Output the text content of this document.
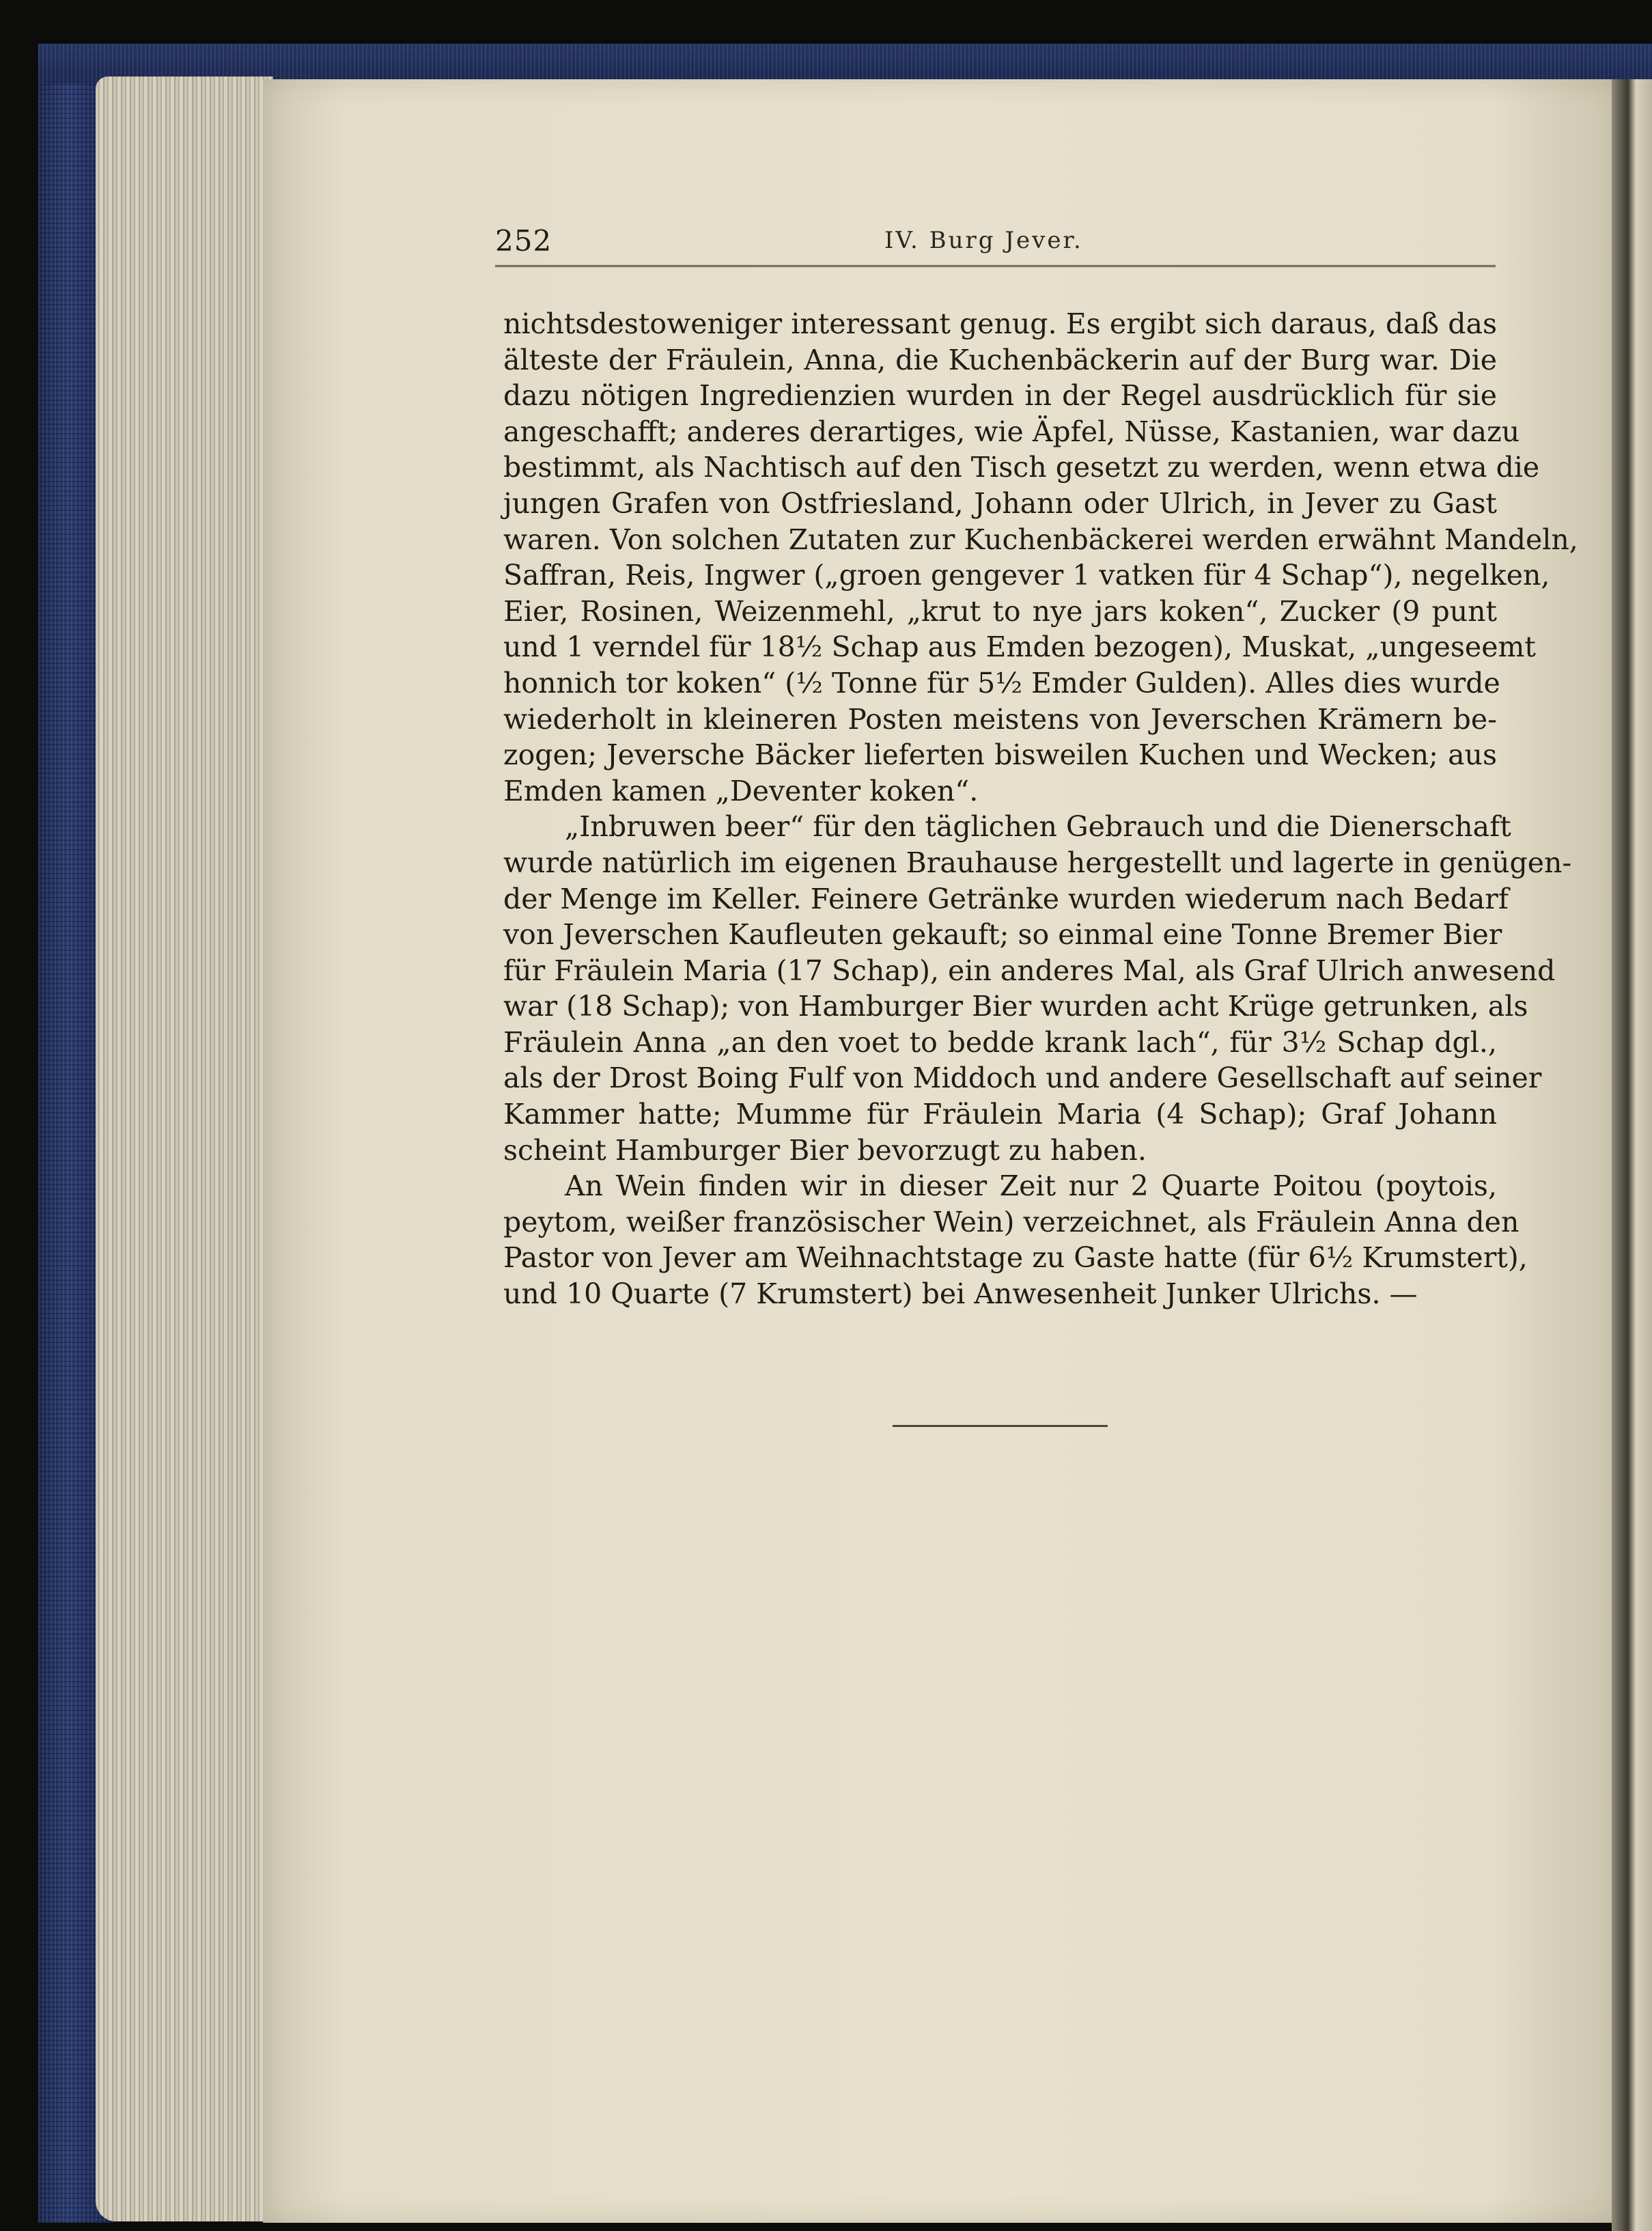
252	IV. Burg Jever.
nichtsdestoweniger interessant genug. Es ergibt sich daraus, daß das
älteste der Fräulein, Anna, die Kuchenbäckerin auf der Burg war. Die
dazu nötigen Ingredienzien wurden in der Regel ausdrücklich für sie
angeschafft; anderes derartiges, wie Äpfel, Nüsse, Kastanien, war dazu
bestimmt, als Nachtisch auf den Tisch gesetzt zu werden, wenn etwa die
jungen Grafen von Ostfriesland, Johann oder Ulrich, in Jever zu Gast
waren. Von solchen Zutaten zur Kuchenbäckerei werden erwähnt Mandeln,
Saffran, Reis, Ingwer („groen gengever 1 vatken für 4 Schap“), negelken,
Eier, Rosinen, Weizenmehl, „krut to nye jars koken“, Zucker (9 punt
und 1 verndel für 18½ Schap aus Emden bezogen), Muskat, „ungeseemt
honnich tor koken“ (½ Tonne für 5½ Emder Gulden). Alles dies wurde
wiederholt in kleineren Posten meistens von Jeverschen Krämern be-
zogen; Jeversche Bäcker lieferten bisweilen Kuchen und Wecken; aus
Emden kamen „Deventer koken“.
„Inbruwen beer“ für den täglichen Gebrauch und die Dienerschaft
wurde natürlich im eigenen Brauhause hergestellt und lagerte in genügen-
der Menge im Keller. Feinere Getränke wurden wiederum nach Bedarf
von Jeverschen Kaufleuten gekauft; so einmal eine Tonne Bremer Bier
für Fräulein Maria (17 Schap), ein anderes Mal, als Graf Ulrich anwesend
war (18 Schap); von Hamburger Bier wurden acht Krüge getrunken, als
Fräulein Anna „an den voet to bedde krank lach“, für 3½ Schap dgl.,
als der Drost Boing Fulf von Middoch und andere Gesellschaft auf seiner
Kammer hatte; Mumme für Fräulein Maria (4 Schap); Graf Johann
scheint Hamburger Bier bevorzugt zu haben.
An Wein finden wir in dieser Zeit nur 2 Quarte Poitou (poytois,
peytom, weißer französischer Wein) verzeichnet, als Fräulein Anna den
Pastor von Jever am Weihnachtstage zu Gaste hatte (für 6½ Krumstert),
und 10 Quarte (7 Krumstert) bei Anwesenheit Junker Ulrichs. —
